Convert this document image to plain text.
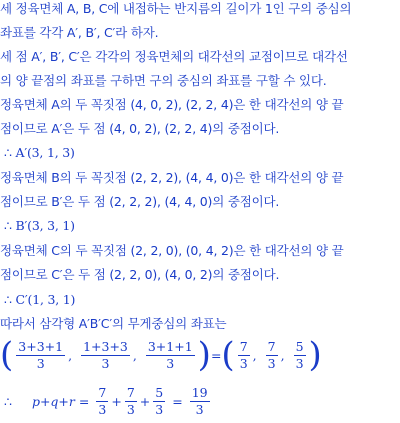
세 정육면체 A, B, C에 내접하는 반지름의 길이가 1인 구의 중심의
좌표를 각각 A′, B′, C′라 하자.
세 점 A′, B′, C′은 각각의 정육면체의 대각선의 교점이므로 대각선
의 양 끝점의 좌표를 구하면 구의 중심의 좌표를 구할 수 있다.
정육면체 A의 두 꼭짓점 (4, 0, 2), (2, 2, 4)은 한 대각선의 양 끝
점이므로 A′은 두 점 (4, 0, 2), (2, 2, 4)의 중점이다.
∴ A′(3, 1, 3)
정육면체 B의 두 꼭짓점 (2, 2, 2), (4, 4, 0)은 한 대각선의 양 끝
점이므로 B′은 두 점 (2, 2, 2), (4, 4, 0)의 중점이다.
∴ B′(3, 3, 1)
정육면체 C의 두 꼭짓점 (2, 2, 0), (0, 4, 2)은 한 대각선의 양 끝
점이므로 C′은 두 점 (2, 2, 0), (4, 0, 2)의 중점이다.
∴ C′(1, 3, 1)
따라서 삼각형 A′B′C′의 무게중심의 좌표는
( $\frac{3+3+1}{3}$ , $\frac{1+3+3}{3}$ , $\frac{3+1+1}{3}$ ) = ( $\frac{7}{3}$ , $\frac{7}{3}$ , $\frac{5}{3}$ )
∴ $p+q+r = \frac{7}{3} + \frac{7}{3} + \frac{5}{3} = \frac{19}{3}$
